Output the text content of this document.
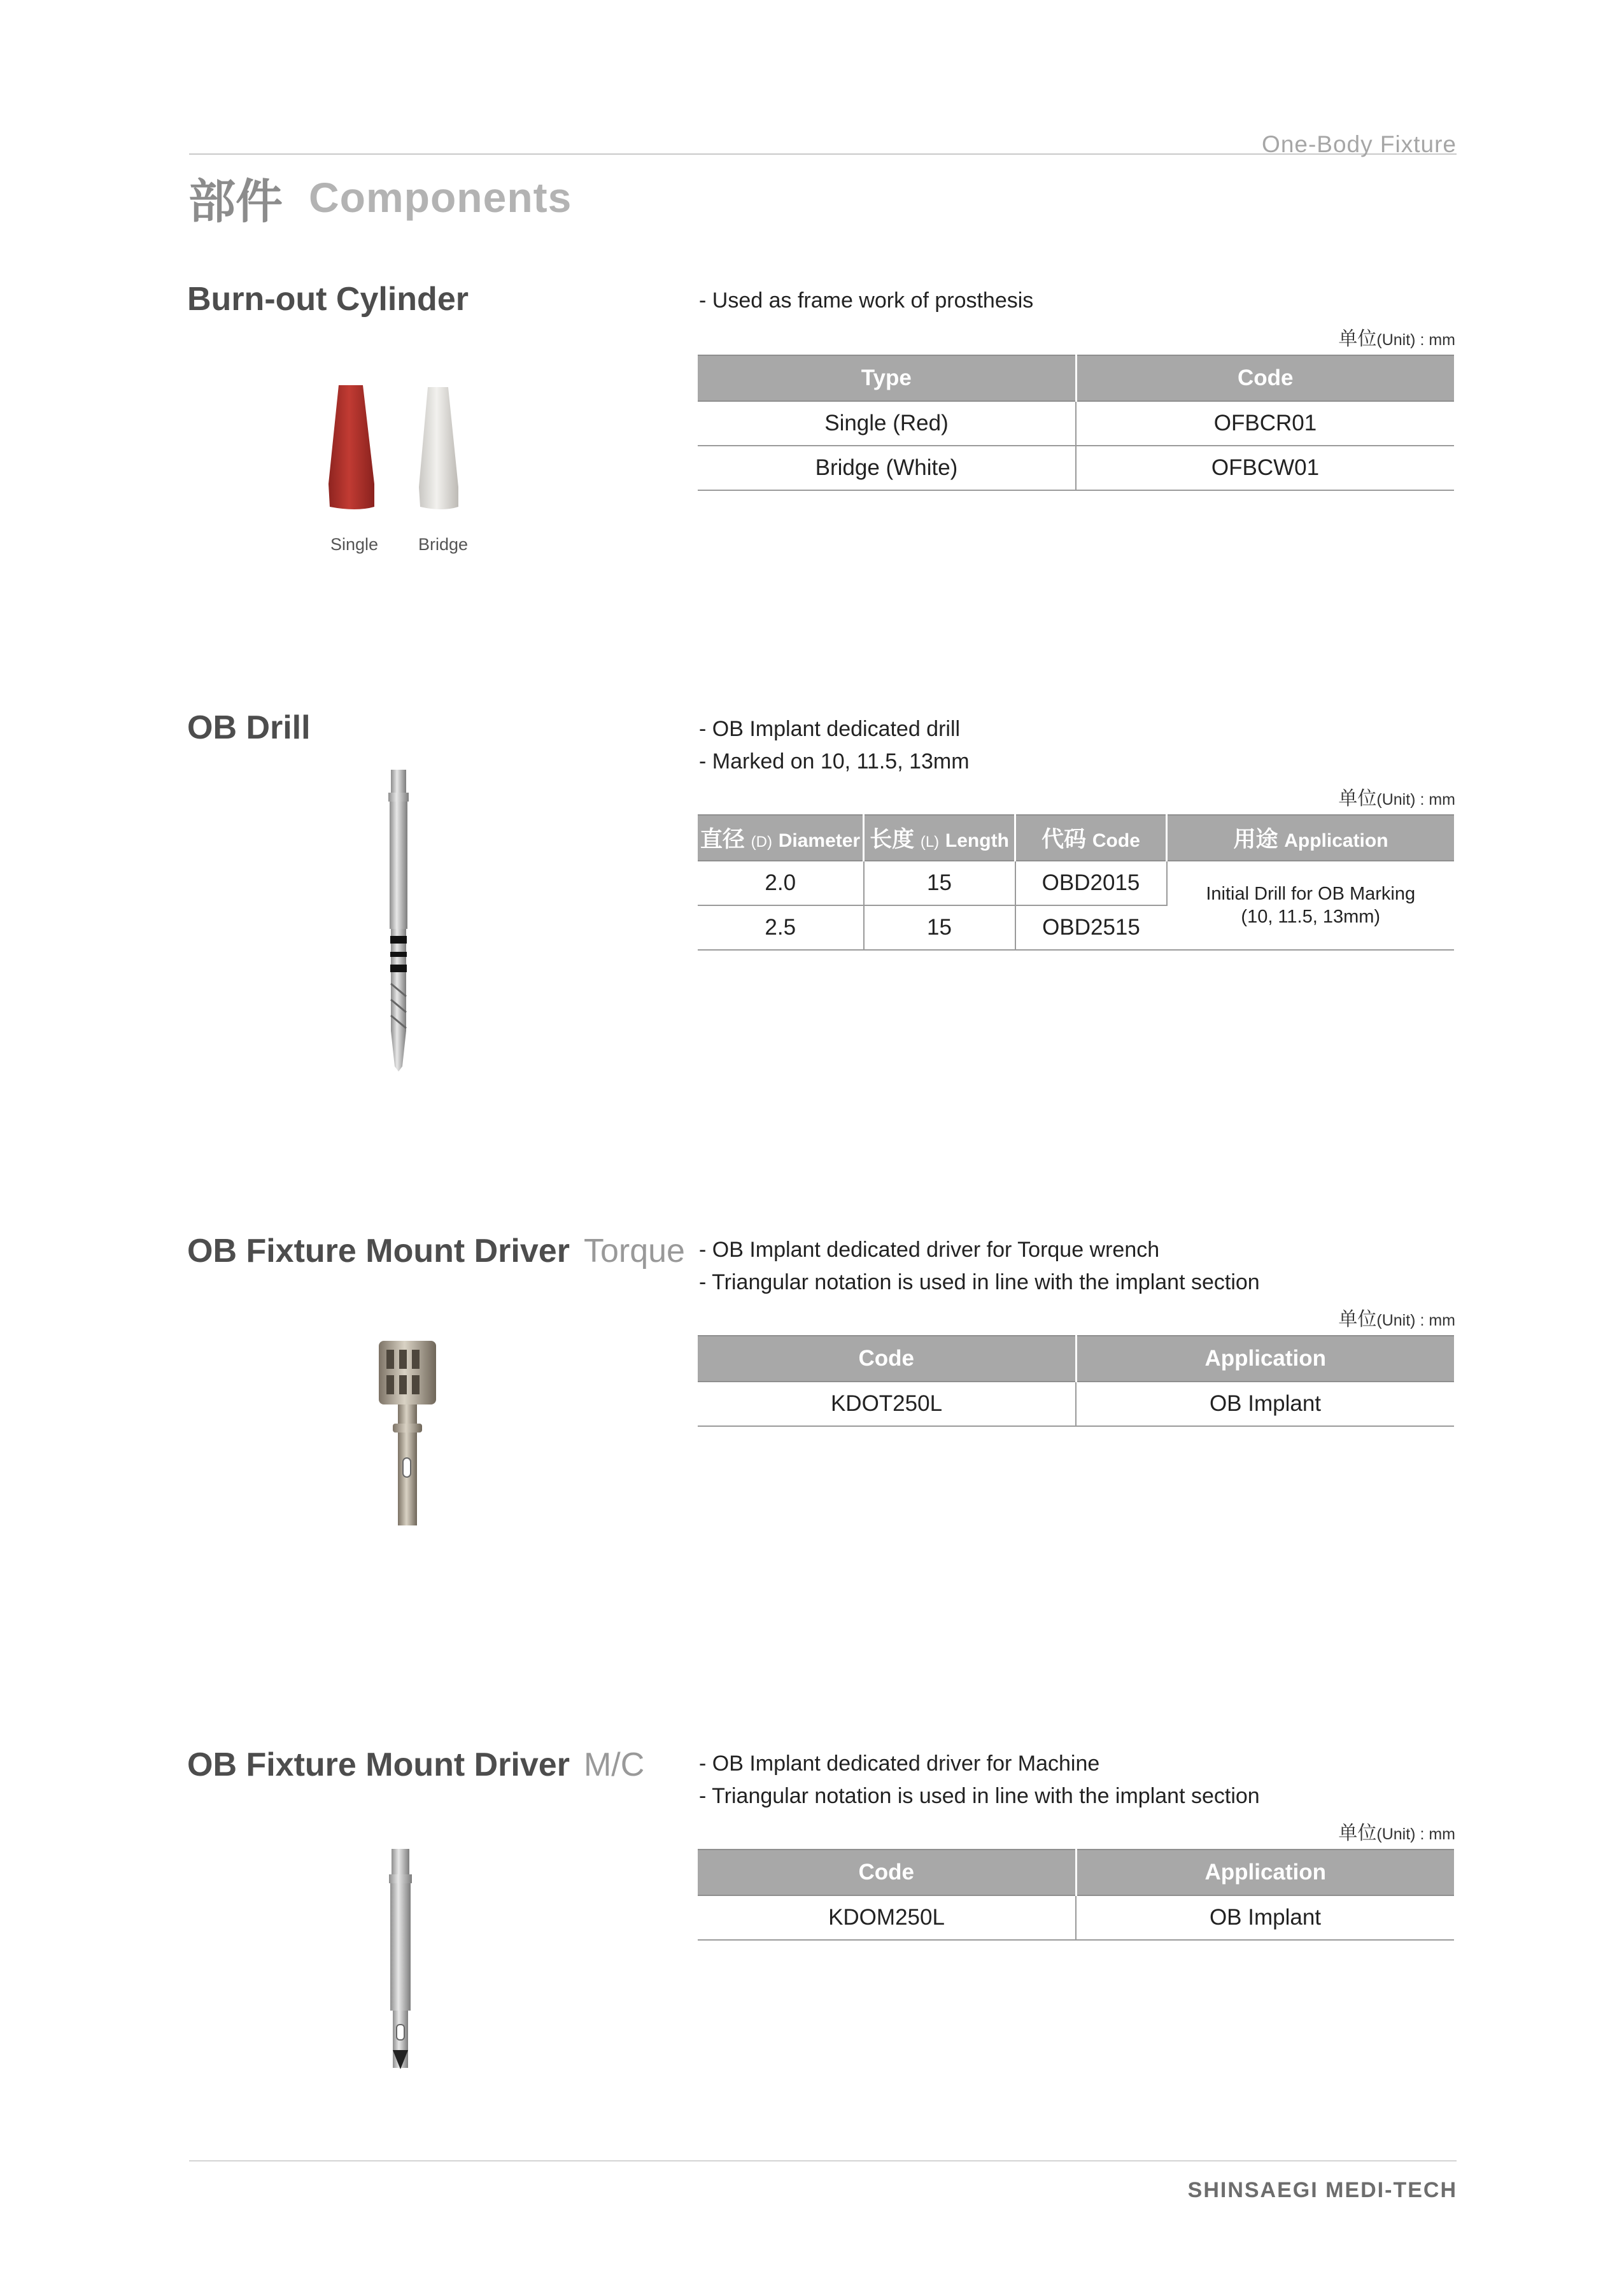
One-Body Fixture
部件 Components
Burn-out Cylinder
Single Bridge
- Used as frame work of prosthesis
单位(Unit) : mm
Type	Code
Single (Red)	OFBCR01
Bridge (White)	OFBCW01
OB Drill	- OB Implant dedicated drill
- Marked on 10, 11.5, 13mm
单位(Unit) : mm
直径 (D) Diameter	长度 (L) Length	代码 Code	用途 Application
2.0	15	OBD2015	Initial Drill for OB Marking
(10, 11.5, 13mm)

2.5	15	OBD2515	
OB Fixture Mount Driver Torque - OB Implant dedicated driver for Torque wrench
- Triangular notation is used in line with the implant section
单位(Unit) : mm
Code	Application
KDOT250L	OB Implant
OB Fixture Mount Driver M/C	- OB Implant dedicated driver for Machine
- Triangular notation is used in line with the implant section
单位(Unit) : mm
Code	Application
KDOM250L	OB Implant
SHINSAEGI MEDI-TECH
